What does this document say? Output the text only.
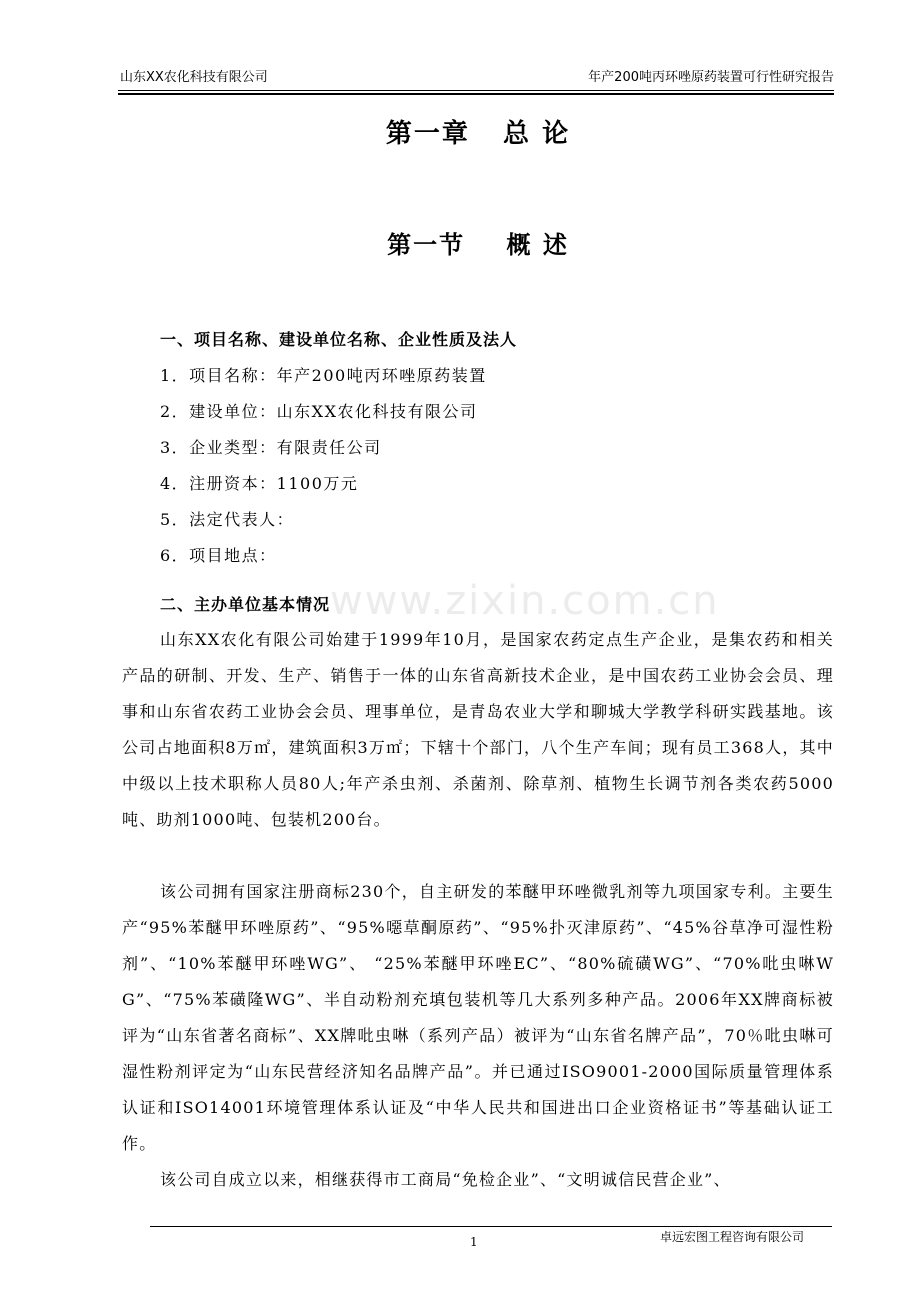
山东XX农化科技有限公司	年产200吨丙环唑原药装置可行性研究报告
第一章   总 论
第一节    概 述
一、项目名称、建设单位名称、企业性质及法人
1．项目名称：年产200吨丙环唑原药装置
2．建设单位：山东XX农化科技有限公司
3．企业类型：有限责任公司
4．注册资本：1100万元
5．法定代表人：
6．项目地点：
www.zixin.com.cn
二、主办单位基本情况
山东XX农化有限公司始建于1999年10月，是国家农药定点生产企业，是集农药和相关产品的研制、开发、生产、销售于一体的山东省高新技术企业，是中国农药工业协会会员、理事和山东省农药工业协会会员、理事单位，是青岛农业大学和聊城大学教学科研实践基地。该公司占地面积8万㎡，建筑面积3万㎡；下辖十个部门，八个生产车间；现有员工368人，其中中级以上技术职称人员80人;年产杀虫剂、杀菌剂、除草剂、植物生长调节剂各类农药5000吨、助剂1000吨、包装机200台。
该公司拥有国家注册商标230个，自主研发的苯醚甲环唑微乳剂等九项国家专利。主要生产“95%苯醚甲环唑原药”、“95%噁草酮原药”、“95%扑灭津原药”、“45%谷草净可湿性粉剂”、“10%苯醚甲环唑WG”、 “25%苯醚甲环唑EC”、“80%硫磺WG”、“70%吡虫啉WG”、“75%苯磺隆WG”、半自动粉剂充填包装机等几大系列多种产品。2006年XX牌商标被评为“山东省著名商标”、XX牌吡虫啉（系列产品）被评为“山东省名牌产品”，70％吡虫啉可湿性粉剂评定为“山东民营经济知名品牌产品”。并已通过ISO9001-2000国际质量管理体系认证和ISO14001环境管理体系认证及“中华人民共和国进出口企业资格证书”等基础认证工作。
该公司自成立以来，相继获得市工商局“免检企业”、“文明诚信民营企业”、
1	卓远宏图工程咨询有限公司
